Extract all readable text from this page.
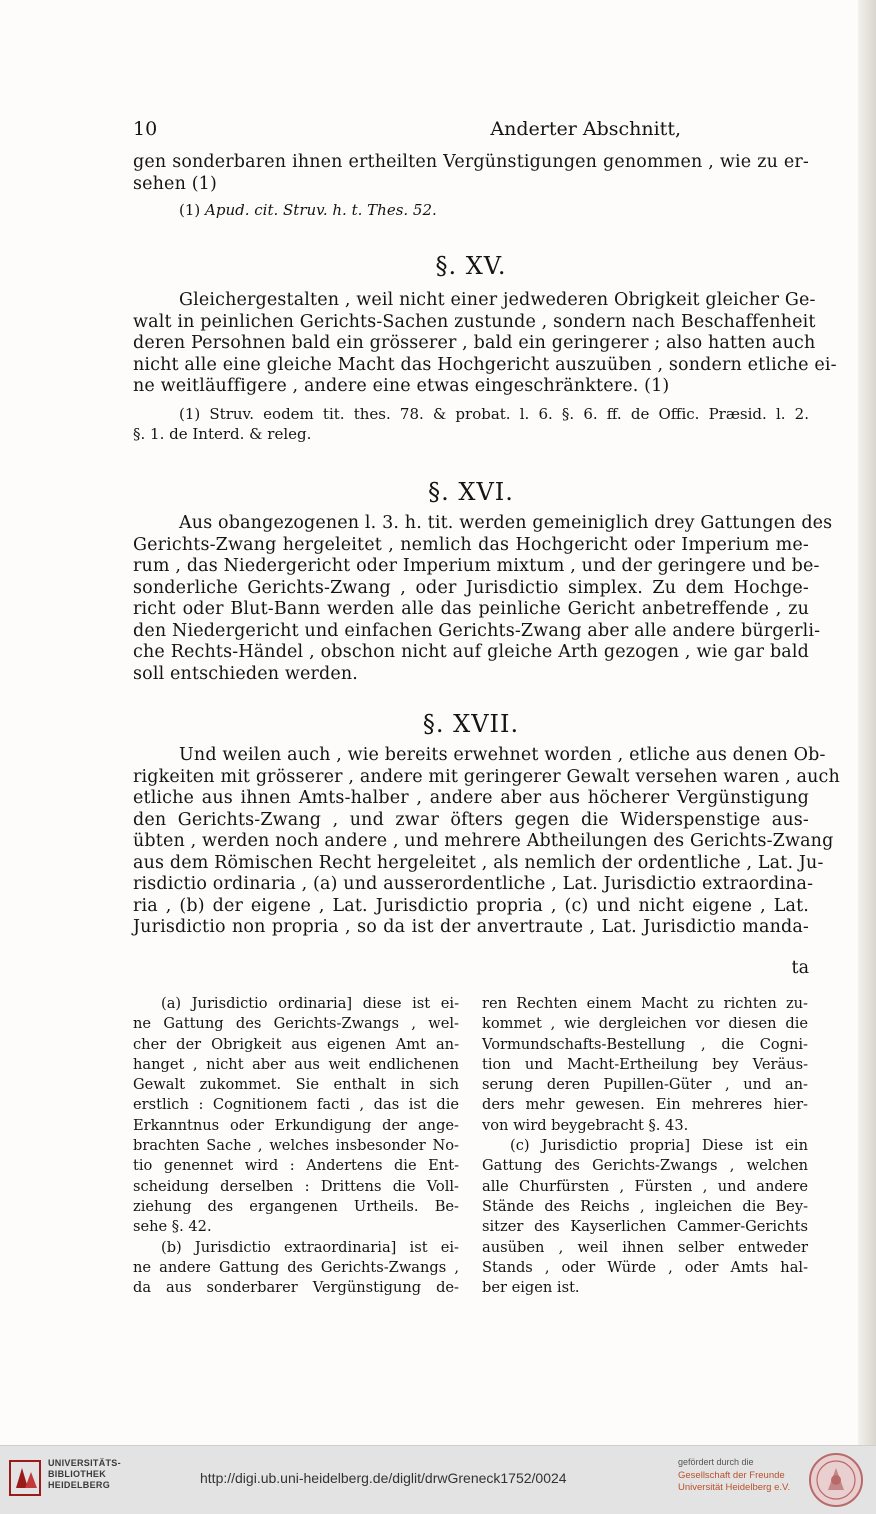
10	Anderter Abschnitt,
gen sonderbaren ihnen ertheilten Vergünstigungen genommen , wie zu er-
sehen (1)
(1) Apud. cit. Struv. h. t. Thes. 52.
§. XV.
Gleichergestalten , weil nicht einer jedwederen Obrigkeit gleicher Ge-
walt in peinlichen Gerichts-Sachen zustunde , sondern nach Beschaffenheit
deren Persohnen bald ein grösserer , bald ein geringerer ; also hatten auch
nicht alle eine gleiche Macht das Hochgericht auszuüben , sondern etliche ei-
ne weitläuffigere , andere eine etwas eingeschränktere. (1)
(1) Struv. eodem tit. thes. 78. & probat. l. 6. §. 6. ff. de Offic. Præsid. l. 2.
§. 1. de Interd. & releg.
§. XVI.
Aus obangezogenen l. 3. h. tit. werden gemeiniglich drey Gattungen des
Gerichts-Zwang hergeleitet , nemlich das Hochgericht oder Imperium me-
rum , das Niedergericht oder Imperium mixtum , und der geringere und be-
sonderliche Gerichts-Zwang , oder Jurisdictio simplex. Zu dem Hochge-
richt oder Blut-Bann werden alle das peinliche Gericht anbetreffende , zu
den Niedergericht und einfachen Gerichts-Zwang aber alle andere bürgerli-
che Rechts-Händel , obschon nicht auf gleiche Arth gezogen , wie gar bald
soll entschieden werden.
§. XVII.
Und weilen auch , wie bereits erwehnet worden , etliche aus denen Ob-
rigkeiten mit grösserer , andere mit geringerer Gewalt versehen waren , auch
etliche aus ihnen Amts-halber , andere aber aus höcherer Vergünstigung
den Gerichts-Zwang , und zwar öfters gegen die Widerspenstige aus-
übten , werden noch andere , und mehrere Abtheilungen des Gerichts-Zwang
aus dem Römischen Recht hergeleitet , als nemlich der ordentliche , Lat. Ju-
risdictio ordinaria , (a) und ausserordentliche , Lat. Jurisdictio extraordina-
ria , (b) der eigene , Lat. Jurisdictio propria , (c) und nicht eigene , Lat.
Jurisdictio non propria , so da ist der anvertraute , Lat. Jurisdictio manda-
ta
(a) Jurisdictio ordinaria] diese ist ei-
ne Gattung des Gerichts-Zwangs , wel-
cher der Obrigkeit aus eigenen Amt an-
hanget , nicht aber aus weit endlichenen
Gewalt zukommet. Sie enthalt in sich
erstlich : Cognitionem facti , das ist die
Erkanntnus oder Erkundigung der ange-
brachten Sache , welches insbesonder No-
tio genennet wird : Andertens die Ent-
scheidung derselben : Drittens die Voll-
ziehung des ergangenen Urtheils. Be-
sehe §. 42.
(b) Jurisdictio extraordinaria] ist ei-
ne andere Gattung des Gerichts-Zwangs ,
da aus sonderbarer Vergünstigung de-
ren Rechten einem Macht zu richten zu-
kommet , wie dergleichen vor diesen die
Vormundschafts-Bestellung , die Cogni-
tion und Macht-Ertheilung bey Veräus-
serung deren Pupillen-Güter , und an-
ders mehr gewesen. Ein mehreres hier-
von wird beygebracht §. 43.
(c) Jurisdictio propria] Diese ist ein
Gattung des Gerichts-Zwangs , welchen
alle Churfürsten , Fürsten , und andere
Stände des Reichs , ingleichen die Bey-
sitzer des Kayserlichen Cammer-Gerichts
ausüben , weil ihnen selber entweder
Stands , oder Würde , oder Amts hal-
ber eigen ist.
UNIVERSITÄTS-
BIBLIOTHEK
HEIDELBERG	http://digi.ub.uni-heidelberg.de/diglit/drwGreneck1752/0024
gefördert durch die
Gesellschaft der Freunde
Universität Heidelberg e.V.
